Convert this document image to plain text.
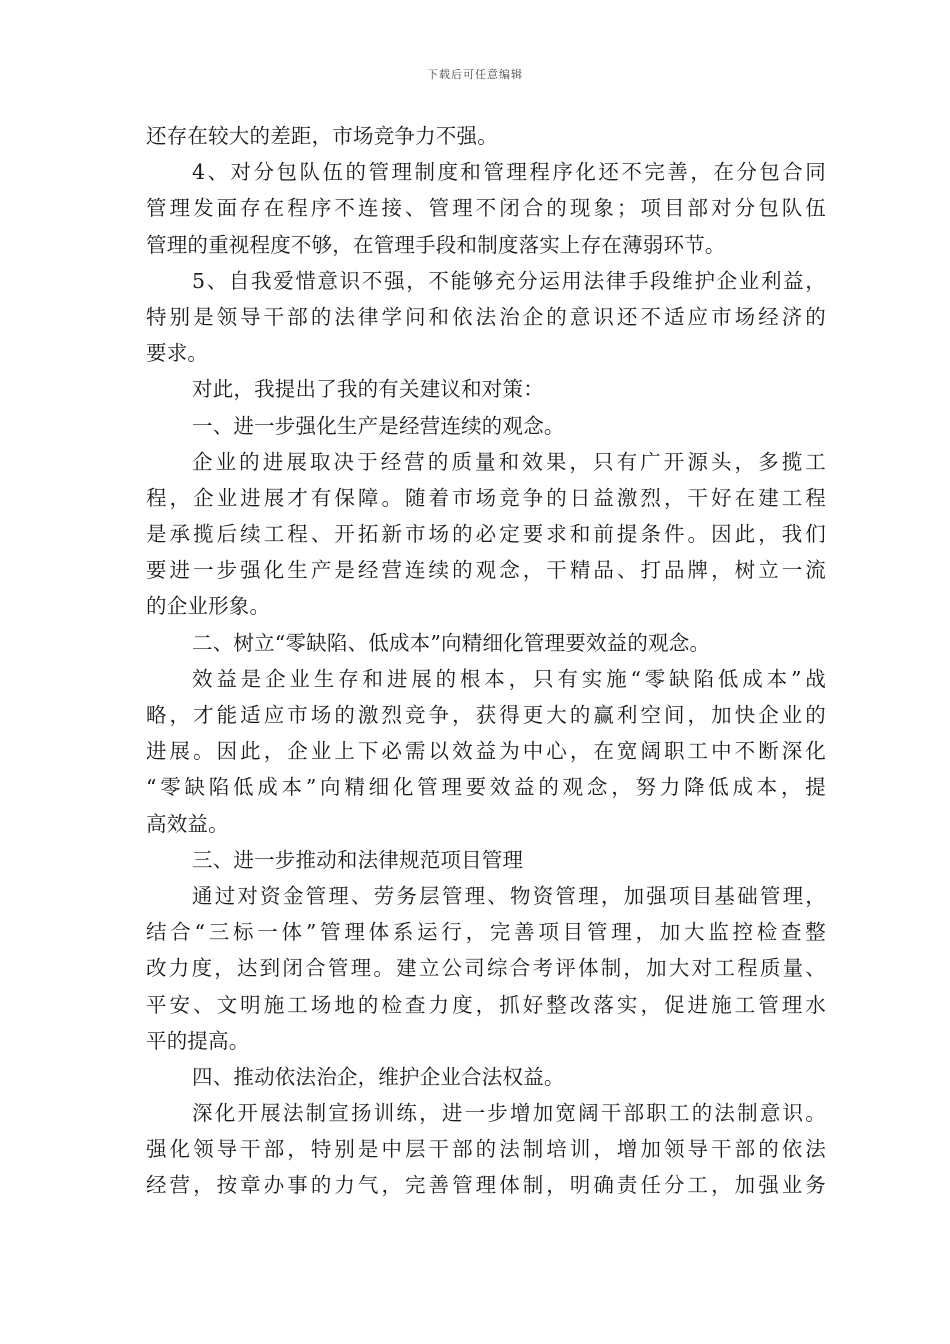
下载后可任意编辑
还存在较大的差距，市场竞争力不强。
4、对分包队伍的管理制度和管理程序化还不完善，在分包合同
管理发面存在程序不连接、管理不闭合的现象；项目部对分包队伍
管理的重视程度不够，在管理手段和制度落实上存在薄弱环节。
5、自我爱惜意识不强，不能够充分运用法律手段维护企业利益，
特别是领导干部的法律学问和依法治企的意识还不适应市场经济的
要求。
对此，我提出了我的有关建议和对策：
一、进一步强化生产是经营连续的观念。
企业的进展取决于经营的质量和效果，只有广开源头，多揽工
程，企业进展才有保障。随着市场竞争的日益激烈，干好在建工程
是承揽后续工程、开拓新市场的必定要求和前提条件。因此，我们
要进一步强化生产是经营连续的观念，干精品、打品牌，树立一流
的企业形象。
二、树立“零缺陷、低成本”向精细化管理要效益的观念。
效益是企业生存和进展的根本，只有实施“零缺陷低成本”战
略，才能适应市场的激烈竞争，获得更大的赢利空间，加快企业的
进展。因此，企业上下必需以效益为中心，在宽阔职工中不断深化
“零缺陷低成本”向精细化管理要效益的观念，努力降低成本，提
高效益。
三、进一步推动和法律规范项目管理
通过对资金管理、劳务层管理、物资管理，加强项目基础管理，
结合“三标一体”管理体系运行，完善项目管理，加大监控检查整
改力度，达到闭合管理。建立公司综合考评体制，加大对工程质量、
平安、文明施工场地的检查力度，抓好整改落实，促进施工管理水
平的提高。
四、推动依法治企，维护企业合法权益。
深化开展法制宣扬训练，进一步增加宽阔干部职工的法制意识。
强化领导干部，特别是中层干部的法制培训，增加领导干部的依法
经营，按章办事的力气，完善管理体制，明确责任分工，加强业务
